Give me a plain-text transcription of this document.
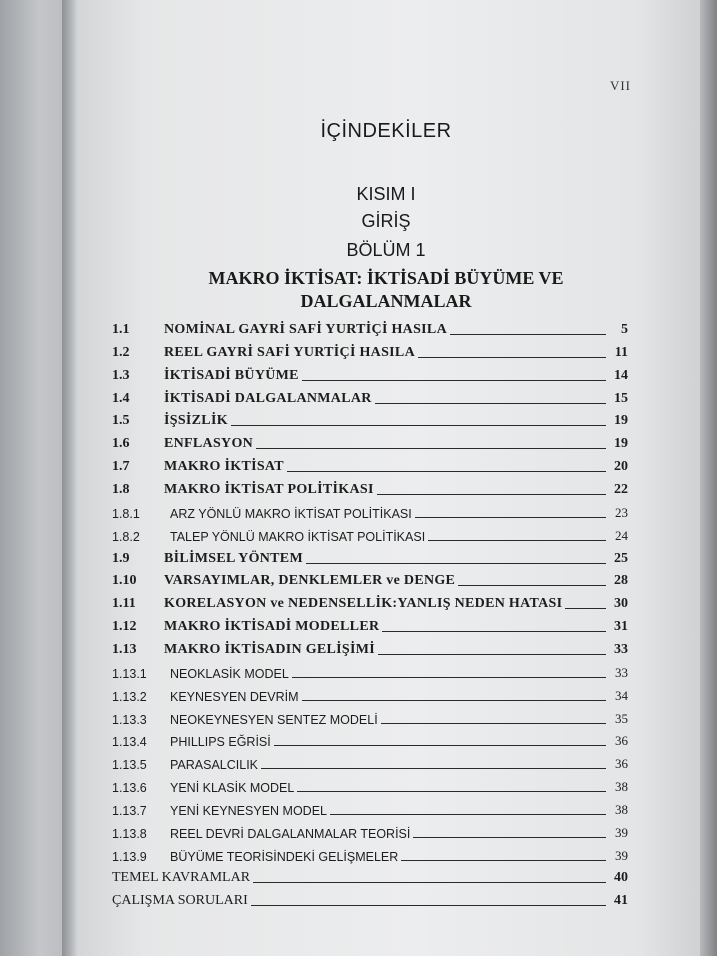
VII
İÇİNDEKİLER
KISIM I
GİRİŞ
BÖLÜM 1
MAKRO İKTİSAT: İKTİSADİ BÜYÜME VE
DALGALANMALAR
1.1	NOMİNAL GAYRİ SAFİ YURTİÇİ HASILA	5
1.2	REEL GAYRİ SAFİ YURTİÇİ HASILA	11
1.3	İKTİSADİ BÜYÜME	14
1.4	İKTİSADİ DALGALANMALAR	15
1.5	İŞSİZLİK	19
1.6	ENFLASYON	19
1.7	MAKRO İKTİSAT	20
1.8	MAKRO İKTİSAT POLİTİKASI	22
1.8.1	ARZ YÖNLÜ MAKRO İKTİSAT POLİTİKASI	23
1.8.2	TALEP YÖNLÜ MAKRO İKTİSAT POLİTİKASI	24
1.9	BİLİMSEL YÖNTEM	25
1.10	VARSAYIMLAR, DENKLEMLER ve DENGE	28
1.11	KORELASYON ve NEDENSELLİK:YANLIŞ NEDEN HATASI	30
1.12	MAKRO İKTİSADİ MODELLER	31
1.13	MAKRO İKTİSADIN GELİŞİMİ	33
1.13.1	NEOKLASİK MODEL	33
1.13.2	KEYNESYEN DEVRİM	34
1.13.3	NEOKEYNESYEN SENTEZ MODELİ	35
1.13.4	PHILLIPS EĞRİSİ	36
1.13.5	PARASALCILIK	36
1.13.6	YENİ KLASİK MODEL	38
1.13.7	YENİ KEYNESYEN MODEL	38
1.13.8	REEL DEVRİ DALGALANMALAR TEORİSİ	39
1.13.9	BÜYÜME TEORİSİNDEKİ GELİŞMELER	39
TEMEL KAVRAMLAR	40
ÇALIŞMA SORULARI	41
